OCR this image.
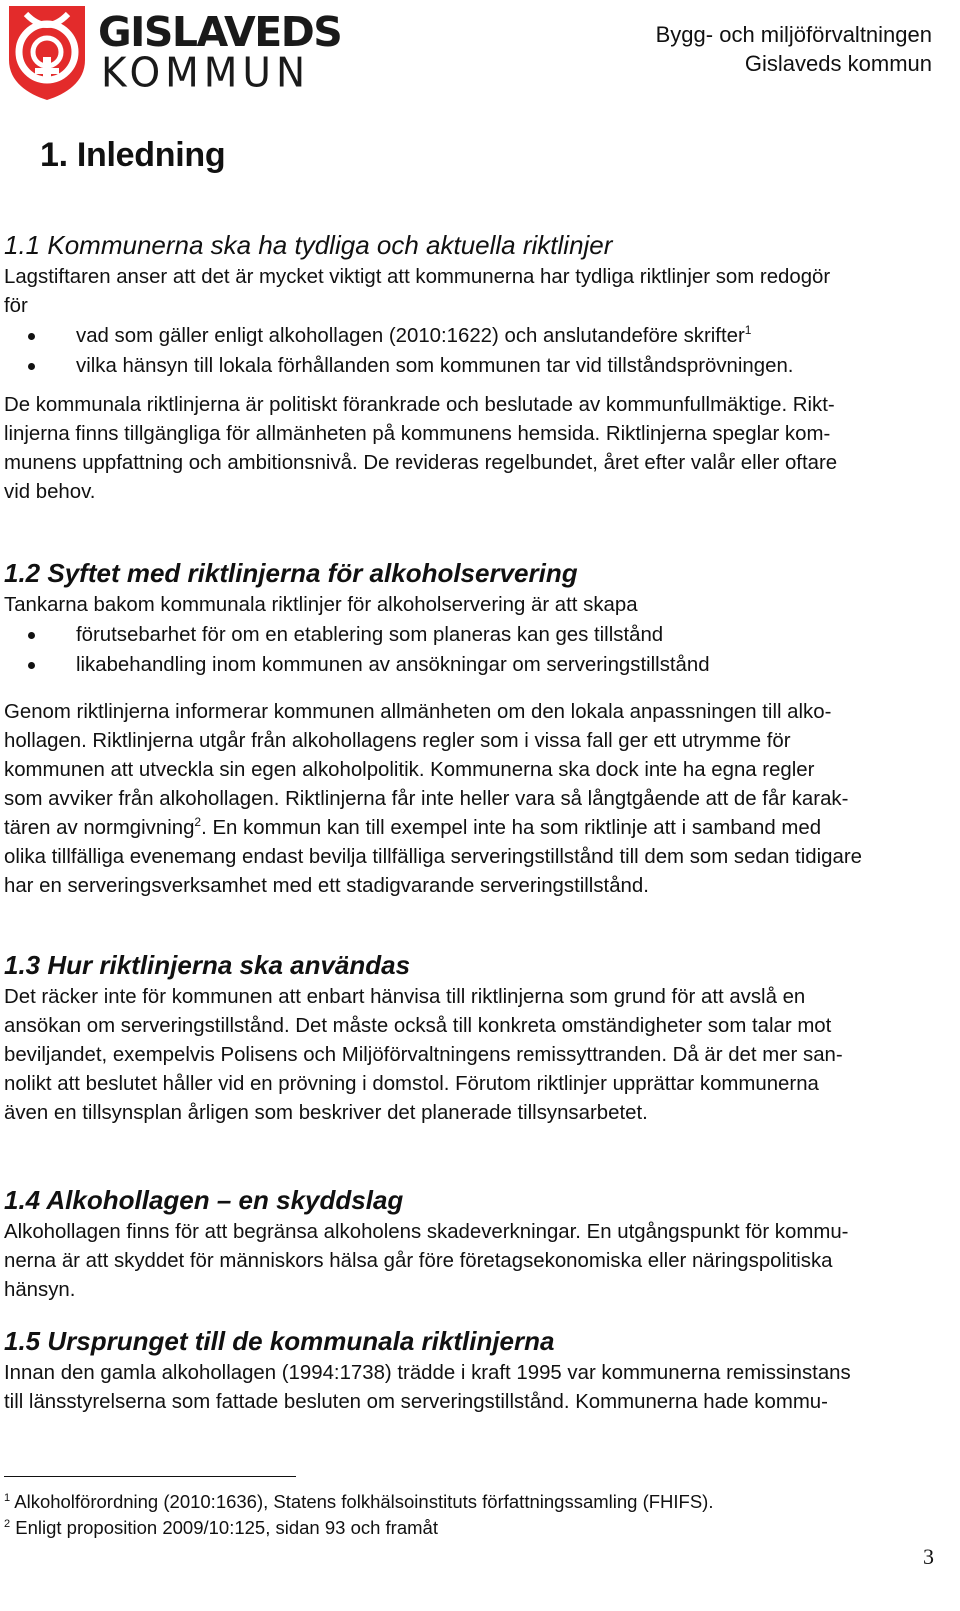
GISLAVEDS
KOMMUN
Bygg- och miljöförvaltningen
Gislaveds kommun
1. Inledning
1.1 Kommunerna ska ha tydliga och aktuella riktlinjer

Lagstiftaren anser att det är mycket viktigt att kommunerna har tydliga riktlinjer som redogör

för

vad som gäller enligt alkohollagen (2010:1622) och anslutandeföre skrifter$^1$
vilka hänsyn till lokala förhållanden som kommunen tar vid tillståndsprövningen.

De kommunala riktlinjerna är politiskt förankrade och beslutade av kommunfullmäktige. Rikt-

linjerna finns tillgängliga för allmänheten på kommunens hemsida. Riktlinjerna speglar kom-

munens uppfattning och ambitionsnivå. De revideras regelbundet, året efter valår eller oftare

vid behov.

1.2 Syftet med riktlinjerna för alkoholservering

Tankarna bakom kommunala riktlinjer för alkoholservering är att skapa

förutsebarhet för om en etablering som planeras kan ges tillstånd
likabehandling inom kommunen av ansökningar om serveringstillstånd

Genom riktlinjerna informerar kommunen allmänheten om den lokala anpassningen till alko-

hollagen. Riktlinjerna utgår från alkohollagens regler som i vissa fall ger ett utrymme för

kommunen att utveckla sin egen alkoholpolitik. Kommunerna ska dock inte ha egna regler

som avviker från alkohollagen. Riktlinjerna får inte heller vara så långtgående att de får karak-

tären av normgivning$^2$. En kommun kan till exempel inte ha som riktlinje att i samband med

olika tillfälliga evenemang endast bevilja tillfälliga serveringstillstånd till dem som sedan tidigare

har en serveringsverksamhet med ett stadigvarande serveringstillstånd.

1.3 Hur riktlinjerna ska användas

Det räcker inte för kommunen att enbart hänvisa till riktlinjerna som grund för att avslå en

ansökan om serveringstillstånd. Det måste också till konkreta omständigheter som talar mot

beviljandet, exempelvis Polisens och Miljöförvaltningens remissyttranden. Då är det mer san-

nolikt att beslutet håller vid en prövning i domstol. Förutom riktlinjer upprättar kommunerna

även en tillsynsplan årligen som beskriver det planerade tillsynsarbetet.

1.4 Alkohollagen – en skyddslag

Alkohollagen finns för att begränsa alkoholens skadeverkningar. En utgångspunkt för kommu-

nerna är att skyddet för människors hälsa går före företagsekonomiska eller näringspolitiska

hänsyn.

1.5 Ursprunget till de kommunala riktlinjerna

Innan den gamla alkohollagen (1994:1738) trädde i kraft 1995 var kommunerna remissinstans

till länsstyrelserna som fattade besluten om serveringstillstånd. Kommunerna hade kommu-

$^1$ Alkoholförordning (2010:1636), Statens folkhälsoinstituts författningssamling (FHIFS).
$^2$ Enligt proposition 2009/10:125, sidan 93 och framåt
3
